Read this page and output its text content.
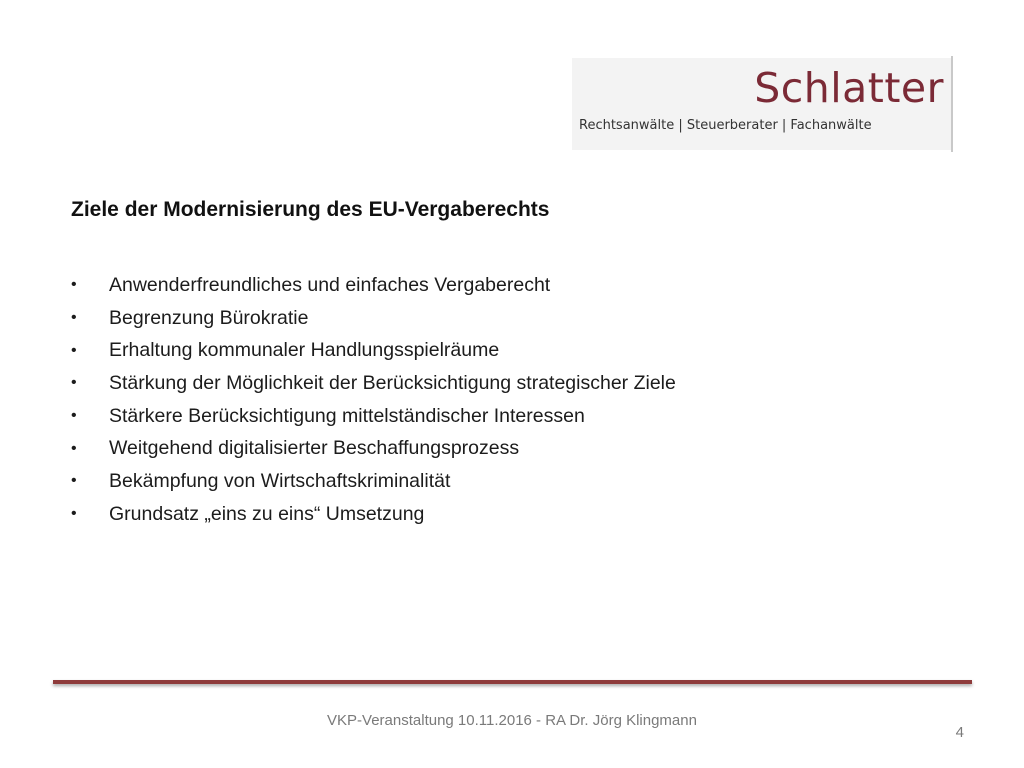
Schlatter
Rechtsanwälte | Steuerberater | Fachanwälte
Ziele der Modernisierung des EU-Vergaberechts
•	Anwenderfreundliches und einfaches Vergaberecht
•	Begrenzung Bürokratie
•	Erhaltung kommunaler Handlungsspielräume
•	Stärkung der Möglichkeit der Berücksichtigung strategischer Ziele
•	Stärkere Berücksichtigung mittelständischer Interessen
•	Weitgehend digitalisierter Beschaffungsprozess
•	Bekämpfung von Wirtschaftskriminalität
•	Grundsatz „eins zu eins“ Umsetzung
VKP-Veranstaltung 10.11.2016 - RA Dr. Jörg Klingmann
4
